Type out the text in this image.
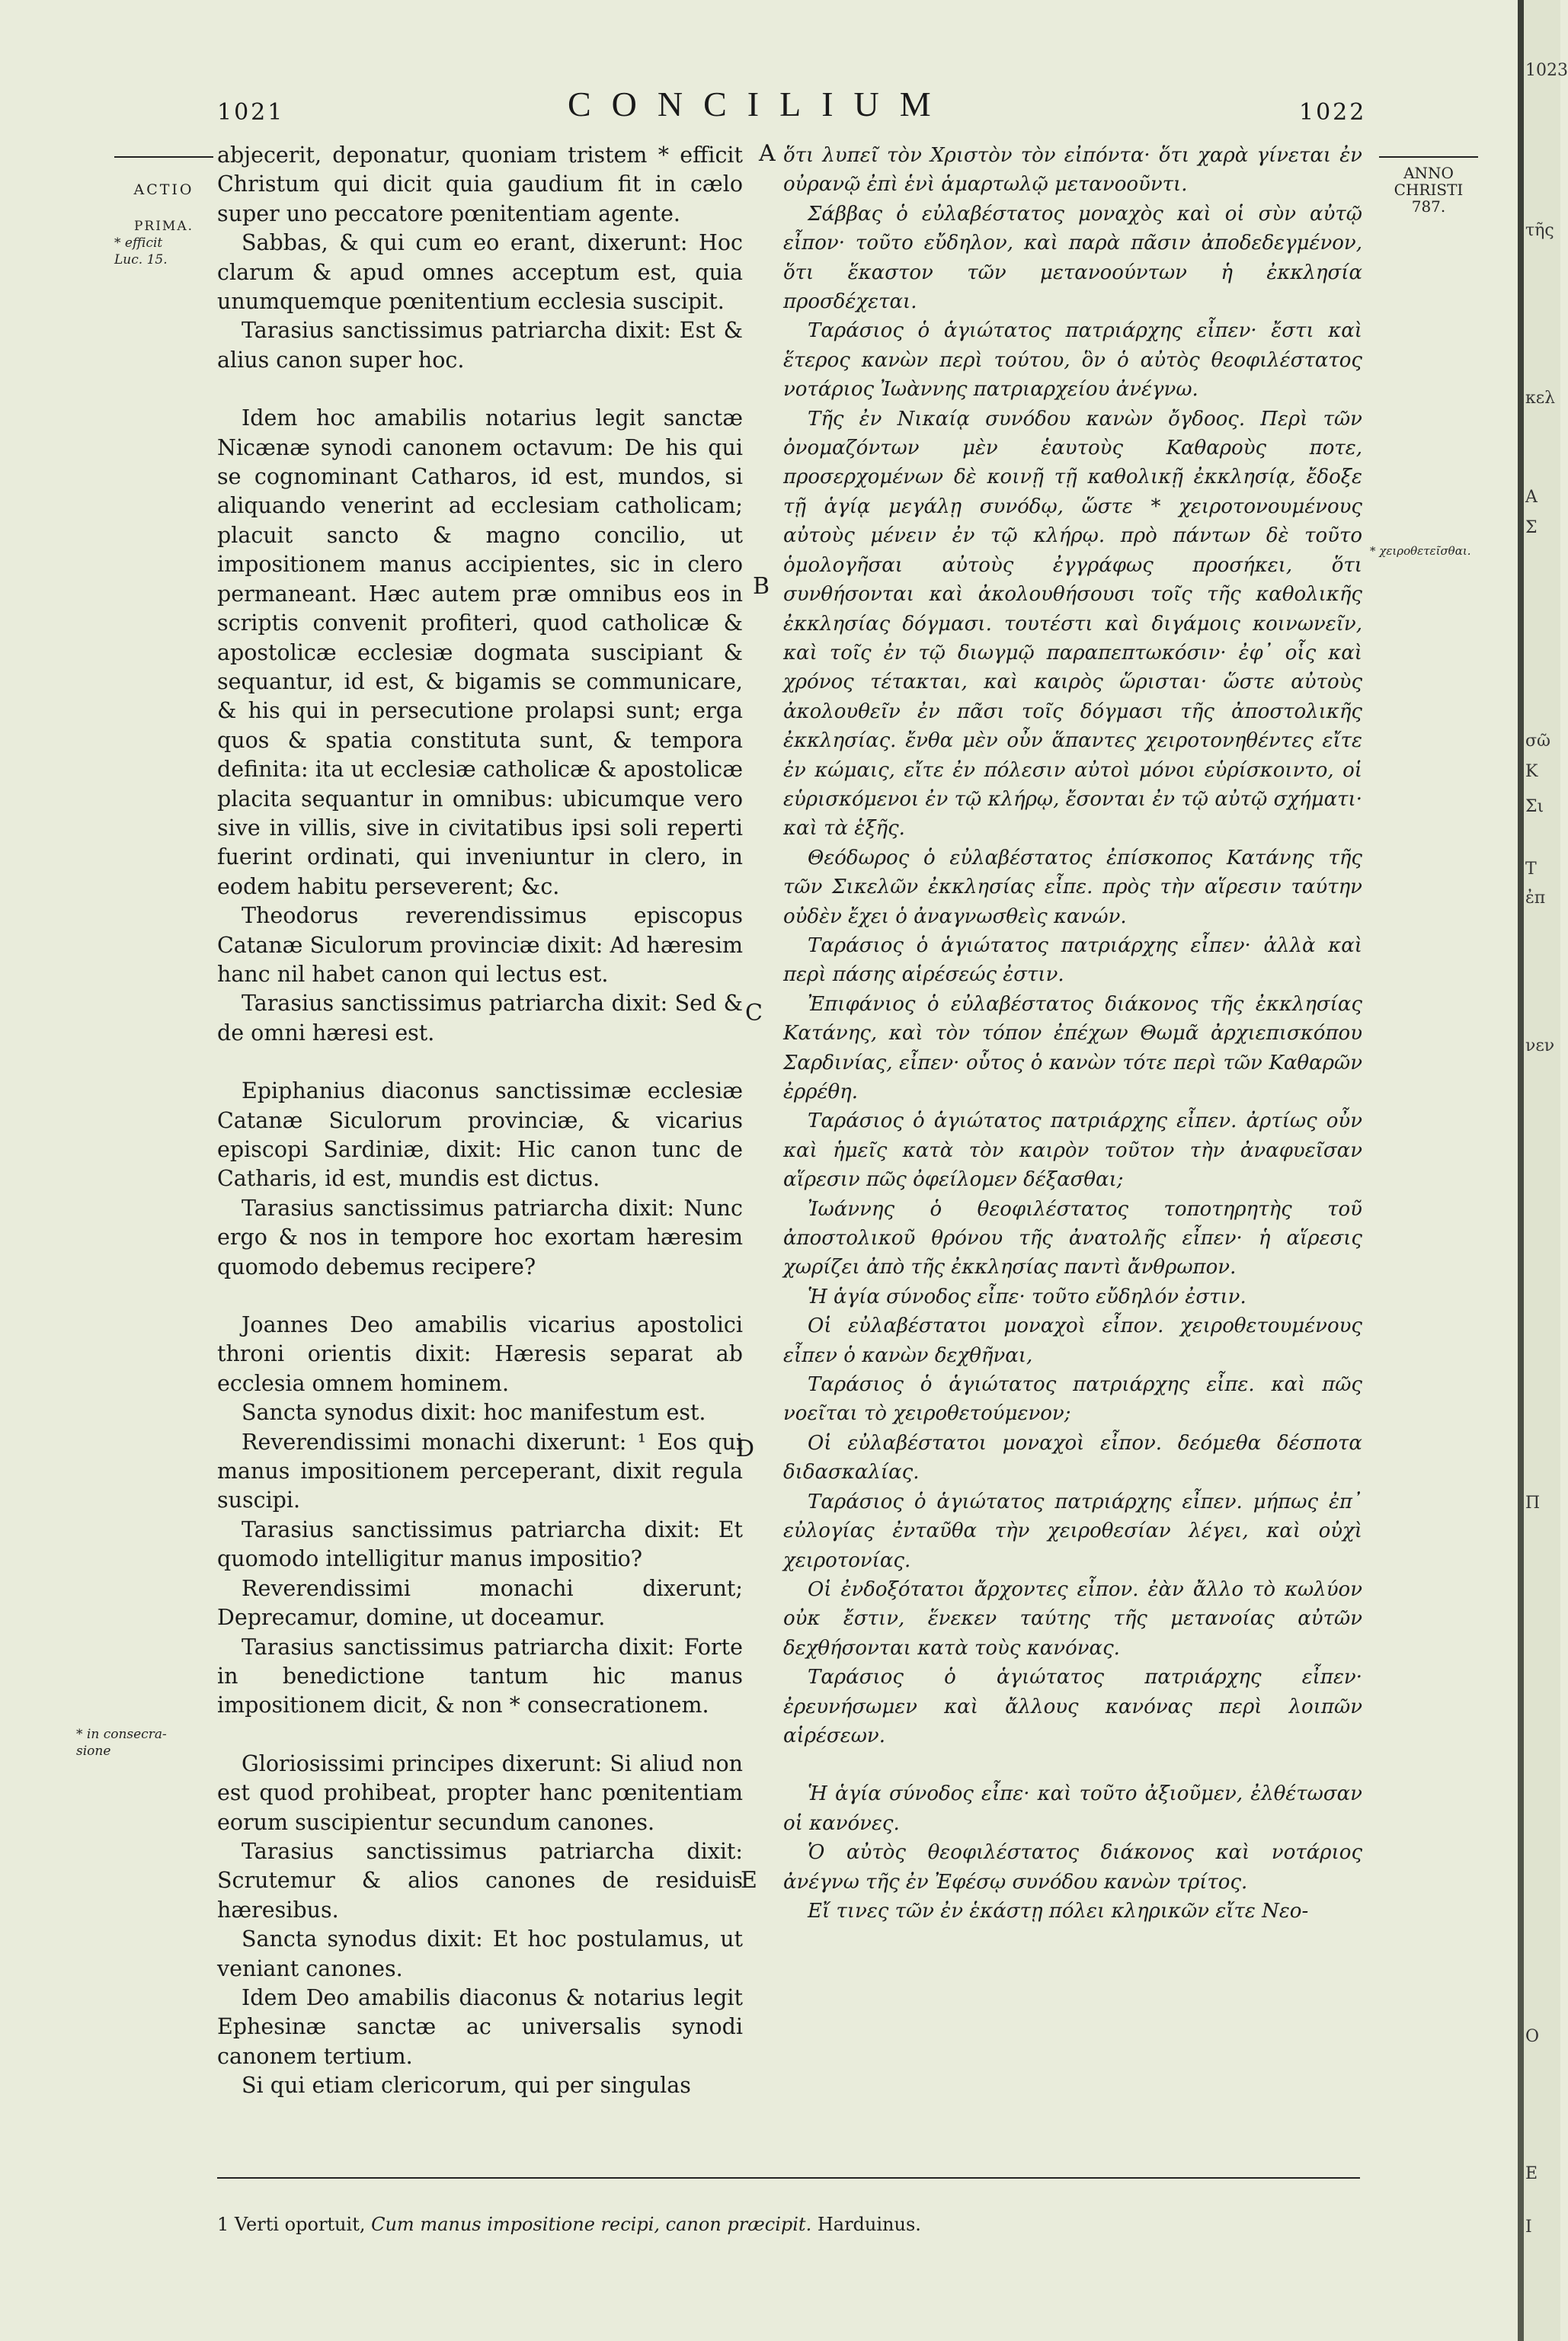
1021	CONCILIUM	1022
ACTIO
PRIMA.
* efficit
Luc. 15.
ANNO
CHRISTI
787.
* χειροθετεῖσθαι.
* in consecra-
sione
A
B
C
D
E

abjecerit, deponatur, quoniam tristem * efficit Christum qui dicit quia gaudium fit in cælo super uno peccatore pœnitentiam agente.

Sabbas, & qui cum eo erant, dixerunt: Hoc clarum & apud omnes acceptum est, quia unumquemque pœnitentium ecclesia suscipit.

Tarasius sanctissimus patriarcha dixit: Est & alius canon super hoc.

Idem hoc amabilis notarius legit sanctæ Nicænæ synodi canonem octavum: De his qui se cognominant Catharos, id est, mundos, si aliquando venerint ad ecclesiam catholicam; placuit sancto & magno concilio, ut impositionem manus accipientes, sic in clero permaneant. Hæc autem præ omnibus eos in scriptis convenit profiteri, quod catholicæ & apostolicæ ecclesiæ dogmata suscipiant & sequantur, id est, & bigamis se communicare, & his qui in persecutione prolapsi sunt; erga quos & spatia constituta sunt, & tempora definita: ita ut ecclesiæ catholicæ & apostolicæ placita sequantur in omnibus: ubicumque vero sive in villis, sive in civitatibus ipsi soli reperti fuerint ordinati, qui inveniuntur in clero, in eodem habitu perseverent; &c.

Theodorus reverendissimus episcopus Catanæ Siculorum provinciæ dixit: Ad hæresim hanc nil habet canon qui lectus est.

Tarasius sanctissimus patriarcha dixit: Sed & de omni hæresi est.

Epiphanius diaconus sanctissimæ ecclesiæ Catanæ Siculorum provinciæ, & vicarius episcopi Sardiniæ, dixit: Hic canon tunc de Catharis, id est, mundis est dictus.

Tarasius sanctissimus patriarcha dixit: Nunc ergo & nos in tempore hoc exortam hæresim quomodo debemus recipere?

Joannes Deo amabilis vicarius apostolici throni orientis dixit: Hæresis separat ab ecclesia omnem hominem.

Sancta synodus dixit: hoc manifestum est.

Reverendissimi monachi dixerunt: ¹ Eos qui manus impositionem perceperant, dixit regula suscipi.

Tarasius sanctissimus patriarcha dixit: Et quomodo intelligitur manus impositio?

Reverendissimi monachi dixerunt; Deprecamur, domine, ut doceamur.

Tarasius sanctissimus patriarcha dixit: Forte in benedictione tantum hic manus impositionem dicit, & non * consecrationem.

Gloriosissimi principes dixerunt: Si aliud non est quod prohibeat, propter hanc pœnitentiam eorum suscipientur secundum canones.

Tarasius sanctissimus patriarcha dixit: Scrutemur & alios canones de residuis hæresibus.

Sancta synodus dixit: Et hoc postulamus, ut veniant canones.

Idem Deo amabilis diaconus & notarius legit Ephesinæ sanctæ ac universalis synodi canonem tertium.

Si qui etiam clericorum, qui per singulas

ὅτι λυπεῖ τὸν Χριστὸν τὸν εἰπόντα· ὅτι χαρὰ γίνεται ἐν οὐρανῷ ἐπὶ ἑνὶ ἁμαρτωλῷ μετανοοῦντι.

Σάββας ὁ εὐλαβέστατος μοναχὸς καὶ οἱ σὺν αὐτῷ εἶπον· τοῦτο εὔδηλον, καὶ παρὰ πᾶσιν ἀποδεδεγμένον, ὅτι ἕκαστον τῶν μετανοούντων ἡ ἐκκλησία προσδέχεται.

Ταράσιος ὁ ἁγιώτατος πατριάρχης εἶπεν· ἔστι καὶ ἕτερος κανὼν περὶ τούτου, ὃν ὁ αὐτὸς θεοφιλέστατος νοτάριος Ἰωὰννης πατριαρχείου ἀνέγνω.

Τῆς ἐν Νικαίᾳ συνόδου κανὼν ὄγδοος. Περὶ τῶν ὀνομαζόντων μὲν ἑαυτοὺς Καθαροὺς ποτε, προσερχομένων δὲ κοινῇ τῇ καθολικῇ ἐκκλησίᾳ, ἔδοξε τῇ ἁγίᾳ μεγάλῃ συνόδῳ, ὥστε * χειροτονουμένους αὐτοὺς μένειν ἐν τῷ κλήρῳ. πρὸ πάντων δὲ τοῦτο ὁμολογῆσαι αὐτοὺς ἐγγράφως προσήκει, ὅτι συνθήσονται καὶ ἀκολουθήσουσι τοῖς τῆς καθολικῆς ἐκκλησίας δόγμασι. τουτέστι καὶ διγάμοις κοινωνεῖν, καὶ τοῖς ἐν τῷ διωγμῷ παραπεπτωκόσιν· ἐφ᾽ οἷς καὶ χρόνος τέτακται, καὶ καιρὸς ὥρισται· ὥστε αὐτοὺς ἀκολουθεῖν ἐν πᾶσι τοῖς δόγμασι τῆς ἀποστολικῆς ἐκκλησίας. ἔνθα μὲν οὖν ἅπαντες χειροτονηθέντες εἴτε ἐν κώμαις, εἴτε ἐν πόλεσιν αὐτοὶ μόνοι εὑρίσκοιντο, οἱ εὑρισκόμενοι ἐν τῷ κλήρῳ, ἔσονται ἐν τῷ αὐτῷ σχήματι· καὶ τὰ ἑξῆς.

Θεόδωρος ὁ εὐλαβέστατος ἐπίσκοπος Κατάνης τῆς τῶν Σικελῶν ἐκκλησίας εἶπε. πρὸς τὴν αἵρεσιν ταύτην οὐδὲν ἔχει ὁ ἀναγνωσθεὶς κανών.

Ταράσιος ὁ ἁγιώτατος πατριάρχης εἶπεν· ἀλλὰ καὶ περὶ πάσης αἱρέσεώς ἐστιν.

Ἐπιφάνιος ὁ εὐλαβέστατος διάκονος τῆς ἐκκλησίας Κατάνης, καὶ τὸν τόπον ἐπέχων Θωμᾶ ἀρχιεπισκόπου Σαρδινίας, εἶπεν· οὗτος ὁ κανὼν τότε περὶ τῶν Καθαρῶν ἐρρέθη.

Ταράσιος ὁ ἁγιώτατος πατριάρχης εἶπεν. ἀρτίως οὖν καὶ ἡμεῖς κατὰ τὸν καιρὸν τοῦτον τὴν ἀναφυεῖσαν αἵρεσιν πῶς ὀφείλομεν δέξασθαι;

Ἰωάννης ὁ θεοφιλέστατος τοποτηρητὴς τοῦ ἀποστολικοῦ θρόνου τῆς ἀνατολῆς εἶπεν· ἡ αἵρεσις χωρίζει ἀπὸ τῆς ἐκκλησίας παντὶ ἄνθρωπον.

Ἡ ἁγία σύνοδος εἶπε· τοῦτο εὔδηλόν ἐστιν.

Οἱ εὐλαβέστατοι μοναχοὶ εἶπον. χειροθετουμένους εἶπεν ὁ κανὼν δεχθῆναι,

Ταράσιος ὁ ἁγιώτατος πατριάρχης εἶπε. καὶ πῶς νοεῖται τὸ χειροθετούμενον;

Οἱ εὐλαβέστατοι μοναχοὶ εἶπον. δεόμεθα δέσποτα διδασκαλίας.

Ταράσιος ὁ ἁγιώτατος πατριάρχης εἶπεν. μήπως ἐπ᾽ εὐλογίας ἐνταῦθα τὴν χειροθεσίαν λέγει, καὶ οὐχὶ χειροτονίας.

Οἱ ἐνδοξότατοι ἄρχοντες εἶπον. ἐὰν ἄλλο τὸ κωλύον οὐκ ἔστιν, ἕνεκεν ταύτης τῆς μετανοίας αὐτῶν δεχθήσονται κατὰ τοὺς κανόνας.

Ταράσιος ὁ ἁγιώτατος πατριάρχης εἶπεν· ἐρευνήσωμεν καὶ ἄλλους κανόνας περὶ λοιπῶν αἱρέσεων.

Ἡ ἁγία σύνοδος εἶπε· καὶ τοῦτο ἀξιοῦμεν, ἐλθέτωσαν οἱ κανόνες.

Ὁ αὐτὸς θεοφιλέστατος διάκονος καὶ νοτάριος ἀνέγνω τῆς ἐν Ἐφέσῳ συνόδου κανὼν τρίτος.

Εἴ τινες τῶν ἐν ἑκάστῃ πόλει κληρικῶν εἴτε Νεο-

1 Verti oportuit, Cum manus impositione recipi, canon præcipit. Harduinus.
1023
τῆς
κελ
Α
Σ
σῶ
Κ
Σι
Τ
ἐπ
νεν
Π
Ο
Ε
Ι
